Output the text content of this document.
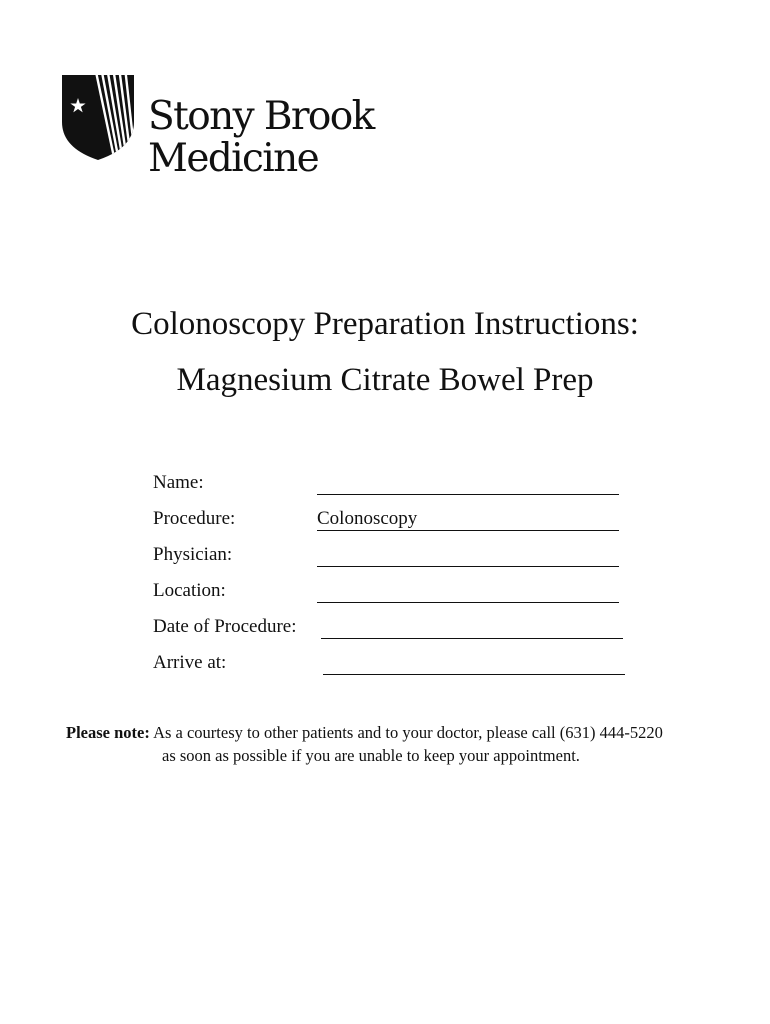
Stony Brook
Medicine
Colonoscopy Preparation Instructions:
Magnesium Citrate Bowel Prep
Name:
Procedure:	Colonoscopy
Physician:
Location:
Date of Procedure:
Arrive at:
Please note: As a courtesy to other patients and to your doctor, please call (631) 444-5220
as soon as possible if you are unable to keep your appointment.
